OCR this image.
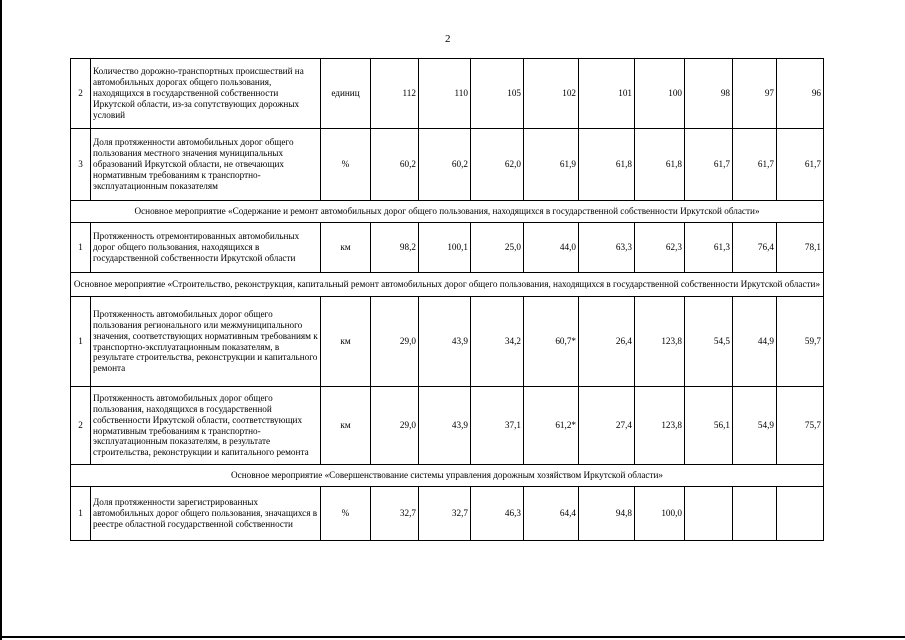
2
2	Количество дорожно-транспортных происшествий на автомобильных дорогах общего пользования, находящихся в государственной собственности Иркутской области, из-за сопутствующих дорожных условий	единиц	112	110	105	102	101	100	98	97	96
3	Доля протяженности автомобильных дорог общего пользования местного значения муниципальных образований Иркутской области, не отвечающих нормативным требованиям к транспортно-эксплуатационным показателям	%	60,2	60,2	62,0	61,9	61,8	61,8	61,7	61,7	61,7
Основное мероприятие «Содержание и ремонт автомобильных дорог общего пользования, находящихся в государственной собственности Иркутской области»											
1	Протяженность отремонтированных автомобильных дорог общего пользования, находящихся в государственной собственности Иркутской области	км	98,2	100,1	25,0	44,0	63,3	62,3	61,3	76,4	78,1
Основное мероприятие «Строительство, реконструкция, капитальный ремонт автомобильных дорог общего пользования, находящихся в государственной собственности Иркутской области»											
1	Протяженность автомобильных дорог общего пользования регионального или межмуниципального значения, соответствующих нормативным требованиям к транспортно-эксплуатационным показателям, в результате строительства, реконструкции и капитального ремонта	км	29,0	43,9	34,2	60,7*	26,4	123,8	54,5	44,9	59,7
2	Протяженность автомобильных дорог общего пользования, находящихся в государственной собственности Иркутской области, соответствующих нормативным требованиям к транспортно-эксплуатационным показателям, в результате строительства, реконструкции и капитального ремонта	км	29,0	43,9	37,1	61,2*	27,4	123,8	56,1	54,9	75,7
Основное мероприятие «Совершенствование системы управления дорожным хозяйством Иркутской области»											
1	Доля протяженности зарегистрированных автомобильных дорог общего пользования, значащихся в реестре областной государственной собственности	%	32,7	32,7	46,3	64,4	94,8	100,0			
